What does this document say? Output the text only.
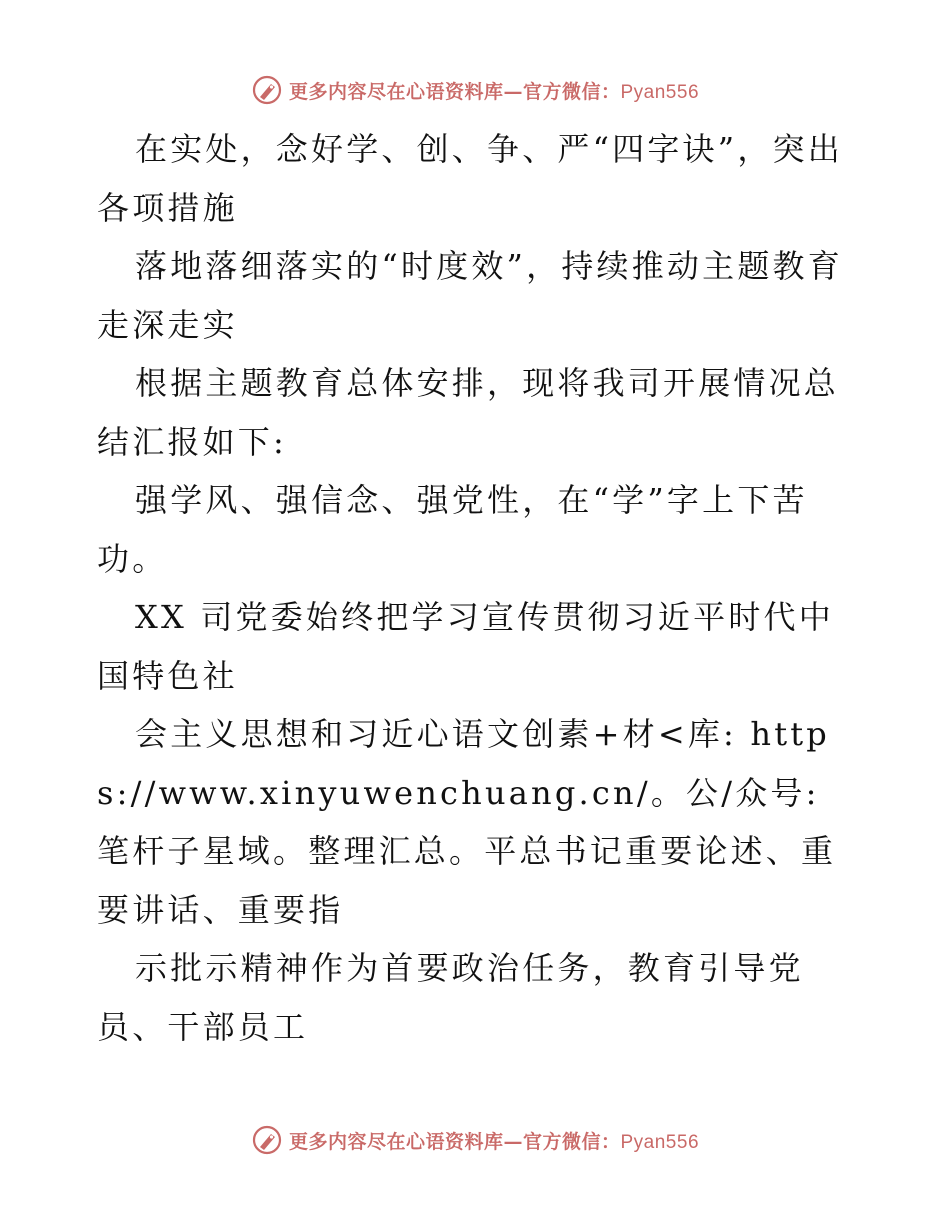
更多内容尽在心语资料库—官方微信：Pyan556

在实处，念好学、创、争、严“四字诀”，突出各项措施

落地落细落实的“时度效”，持续推动主题教育走深走实

根据主题教育总体安排，现将我司开展情况总结汇报如下:

强学风、强信念、强党性，在“学”字上下苦功。

XX 司党委始终把学习宣传贯彻习近平时代中国特色社

会主义思想和习近心语文创素+材<库: https://www.xinyuwenchuang.cn/。公/众号: 笔杆子星域。整理汇总。平总书记重要论述、重要讲话、重要指

示批示精神作为首要政治任务，教育引导党员、干部员工

更多内容尽在心语资料库—官方微信：Pyan556
